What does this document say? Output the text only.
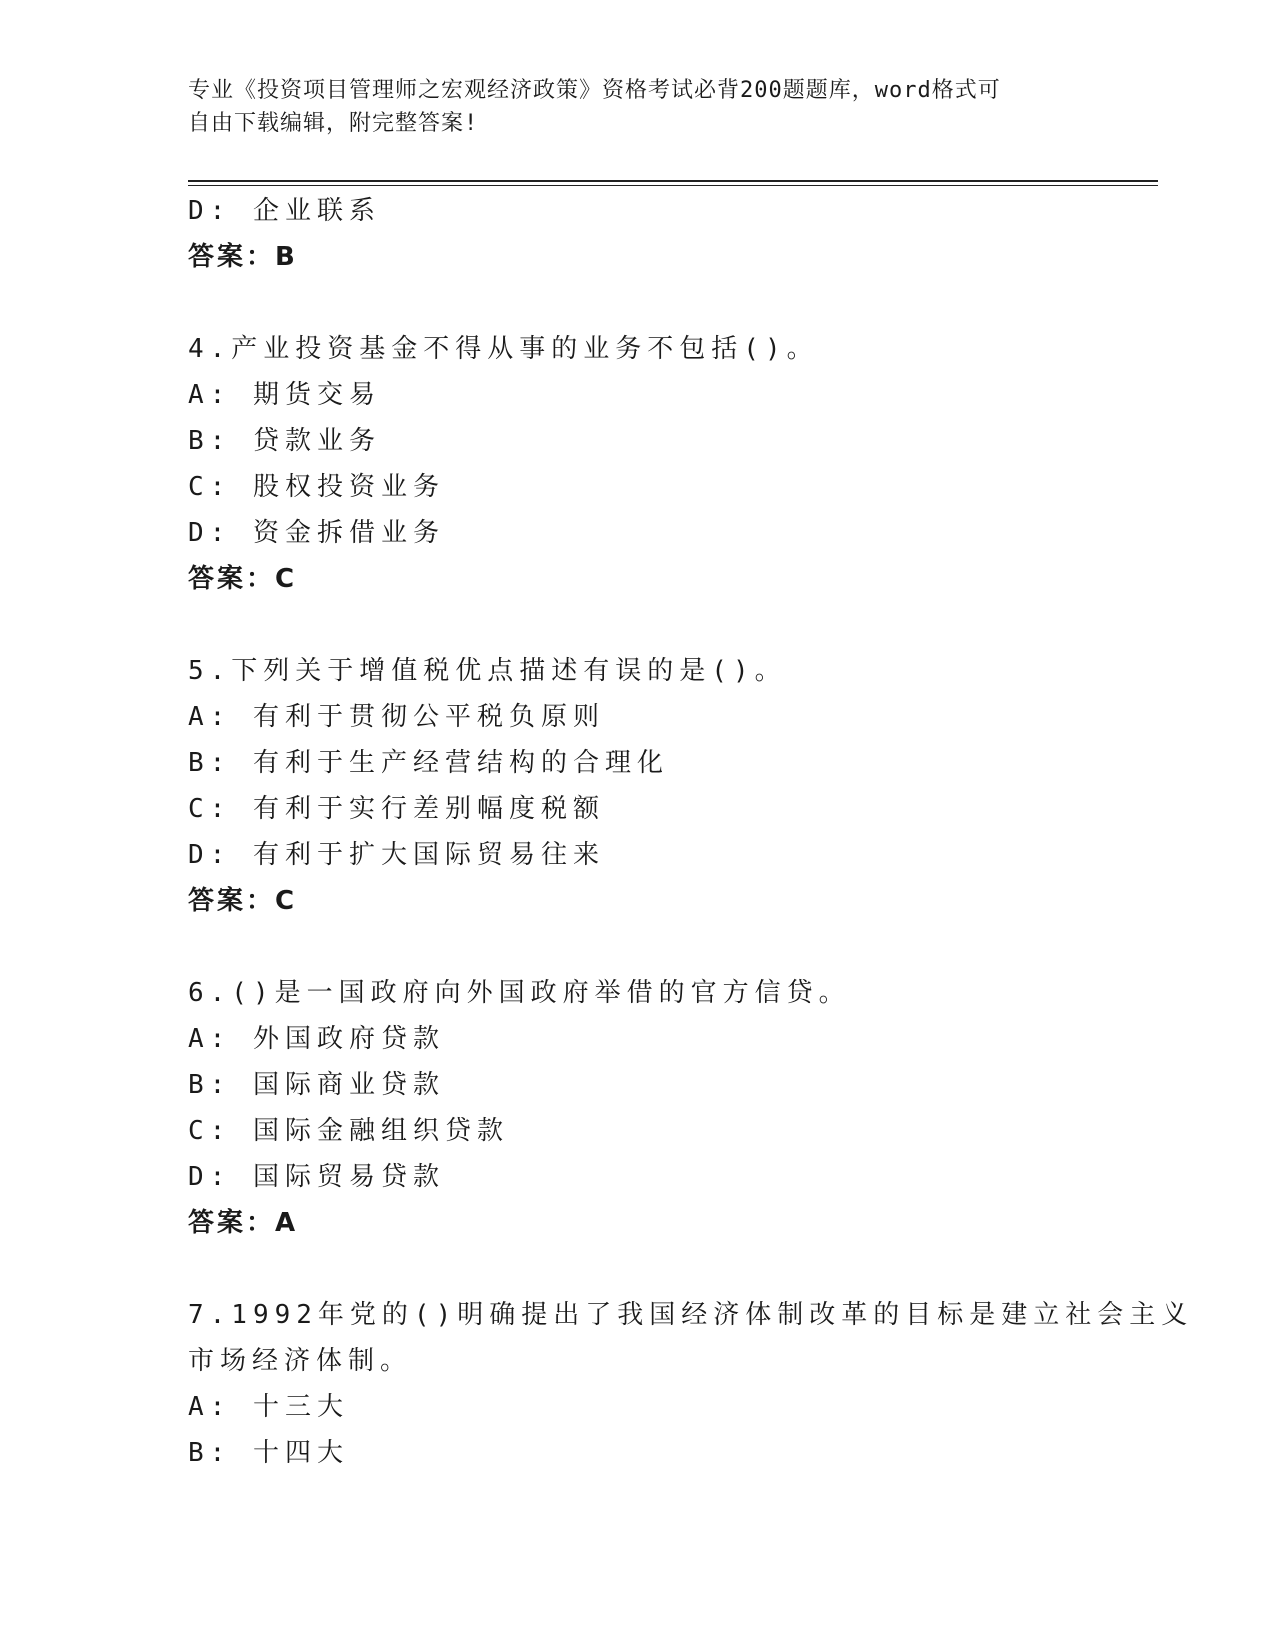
专业《投资项目管理师之宏观经济政策》资格考试必背200题题库，word格式可
自由下载编辑，附完整答案!
D: 企业联系
答案：B
4.产业投资基金不得从事的业务不包括()。
A: 期货交易
B: 贷款业务
C: 股权投资业务
D: 资金拆借业务
答案：C
5.下列关于增值税优点描述有误的是()。
A: 有利于贯彻公平税负原则
B: 有利于生产经营结构的合理化
C: 有利于实行差别幅度税额
D: 有利于扩大国际贸易往来
答案：C
6.()是一国政府向外国政府举借的官方信贷。
A: 外国政府贷款
B: 国际商业贷款
C: 国际金融组织贷款
D: 国际贸易贷款
答案：A
7.1992年党的()明确提出了我国经济体制改革的目标是建立社会主义
市场经济体制。
A: 十三大
B: 十四大
